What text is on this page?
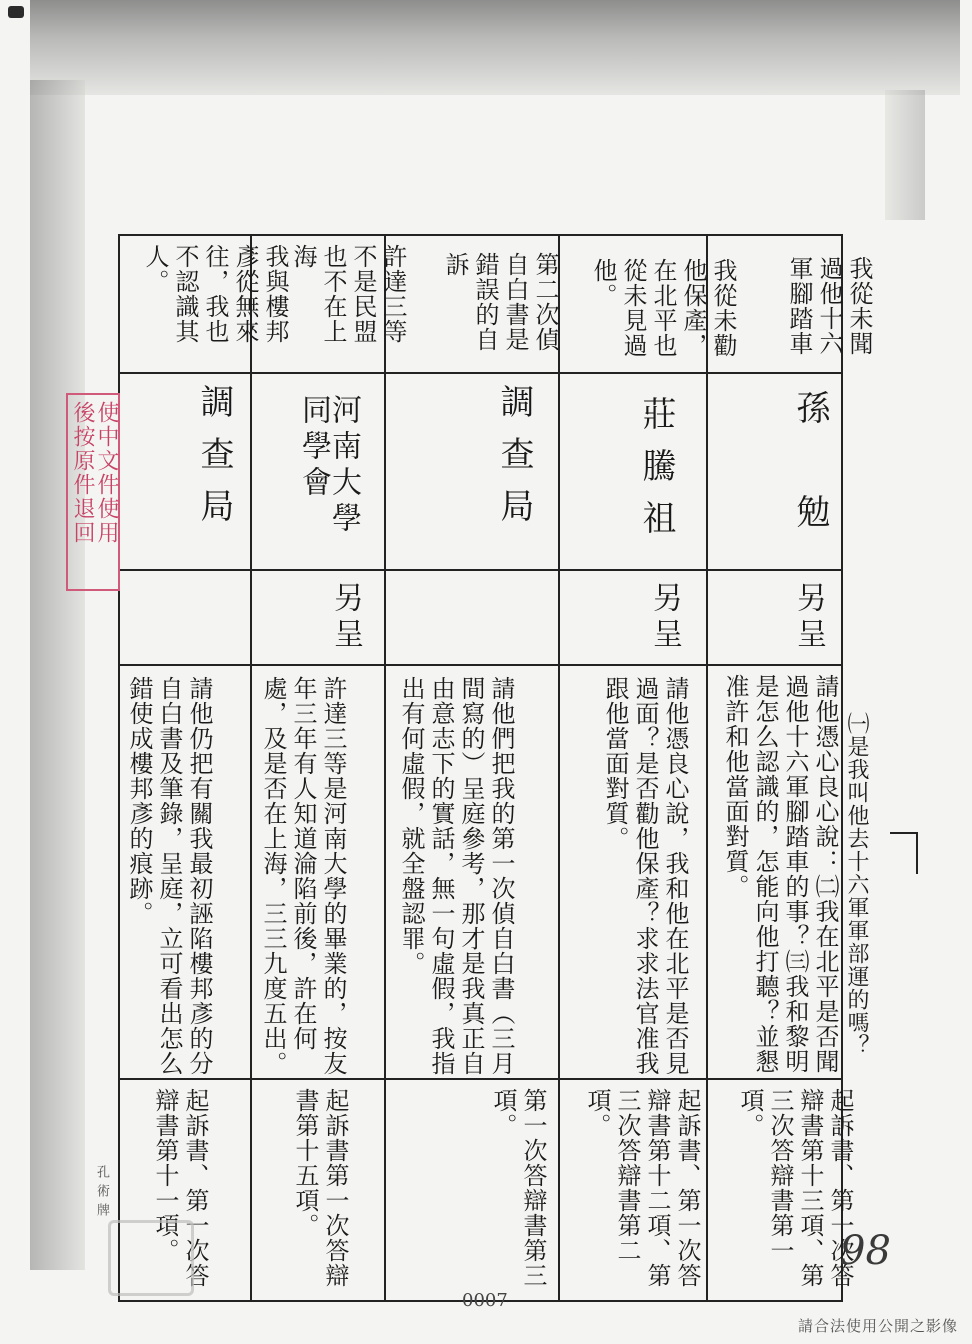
㈠是我叫他去十六軍軍部運的嗎？
我從未聞過他十六軍腳踏車
孫　勉
另呈
請他憑心良心說：㈡我在北平是否聞過他十六軍腳踏車的事？㈢我和黎明是怎么認識的，怎能向他打聽？並懇准許和他當面對質。
起訴書、第一次答辯書第十三項、第三次答辯書第一項。
我從未勸他保產，在北平也從未見過他。
莊騰祖
另呈
請他憑良心說，我和他在北平是否見過面？是否勸他保產？求求法官准我跟他當面對質。
起訴書、第一次答辯書第十二項、第三次答辯書第二項。
第二次偵自白書是錯誤的自訴
調查局
請他們把我的第一次偵自白書（三月間寫的）呈庭參考，那才是我真正自由意志下的實話，無一句虛假，我指出有何虛假，就全盤認罪。
第一次答辯書第三項。
許達三等不是民盟也不在上海
河南大學同學會
另呈
許達三等是河南大學的畢業的，按友年三年有人知道淪陷前後，許在何處，及是否在上海，三三九度五出。
起訴書第一次答辯書第十五項。
我與樓邦彥從無來往，我也不認識其人。
調查局
請他仍把有關我最初誣陷樓邦彥的分自白書及筆錄，呈庭，立可看出怎么錯使成樓邦彥的痕跡。
起訴書、第一次答辯書第十一項。
使中文件使用
後按原件退回
孔 術 牌
98
0007
請合法使用公開之影像
